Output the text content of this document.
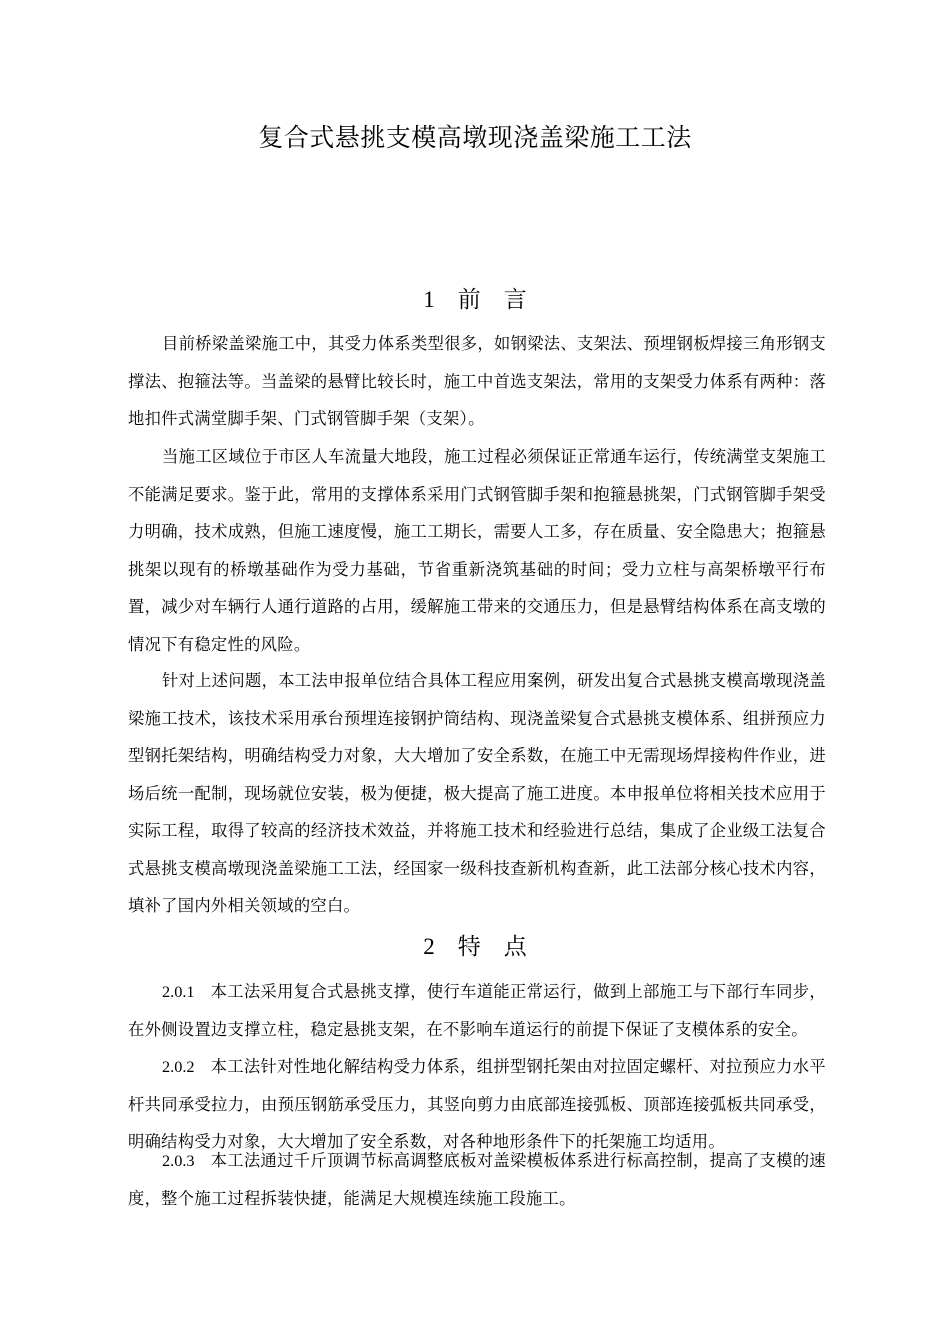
复合式悬挑支模高墩现浇盖梁施工工法
1　 前　言

目前桥梁盖梁施工中，其受力体系类型很多，如钢梁法、支架法、预埋钢板焊接三角形钢支撑法、抱箍法等。当盖梁的悬臂比较长时，施工中首选支架法，常用的支架受力体系有两种：落地扣件式满堂脚手架、门式钢管脚手架（支架）。

当施工区域位于市区人车流量大地段，施工过程必须保证正常通车运行，传统满堂支架施工不能满足要求。鉴于此，常用的支撑体系采用门式钢管脚手架和抱箍悬挑架，门式钢管脚手架受力明确，技术成熟，但施工速度慢，施工工期长，需要人工多，存在质量、安全隐患大；抱箍悬挑架以现有的桥墩基础作为受力基础，节省重新浇筑基础的时间；受力立柱与高架桥墩平行布置，减少对车辆行人通行道路的占用，缓解施工带来的交通压力，但是悬臂结构体系在高支墩的情况下有稳定性的风险。

针对上述问题，本工法申报单位结合具体工程应用案例，研发出复合式悬挑支模高墩现浇盖梁施工技术，该技术采用承台预埋连接钢护筒结构、现浇盖梁复合式悬挑支模体系、组拼预应力型钢托架结构，明确结构受力对象，大大增加了安全系数，在施工中无需现场焊接构件作业，进场后统一配制，现场就位安装，极为便捷，极大提高了施工进度。本申报单位将相关技术应用于实际工程，取得了较高的经济技术效益，并将施工技术和经验进行总结，集成了企业级工法复合式悬挑支模高墩现浇盖梁施工工法，经国家一级科技查新机构查新，此工法部分核心技术内容，填补了国内外相关领域的空白。

2　 特　点

2.0.1 本工法采用复合式悬挑支撑，使行车道能正常运行，做到上部施工与下部行车同步，在外侧设置边支撑立柱，稳定悬挑支架，在不影响车道运行的前提下保证了支模体系的安全。

2.0.2 本工法针对性地化解结构受力体系，组拼型钢托架由对拉固定螺杆、对拉预应力水平杆共同承受拉力，由预压钢筋承受压力，其竖向剪力由底部连接弧板、顶部连接弧板共同承受，明确结构受力对象，大大增加了安全系数，对各种地形条件下的托架施工均适用。

2.0.3 本工法通过千斤顶调节标高调整底板对盖梁模板体系进行标高控制，提高了支模的速度，整个施工过程拆装快捷，能满足大规模连续施工段施工。
